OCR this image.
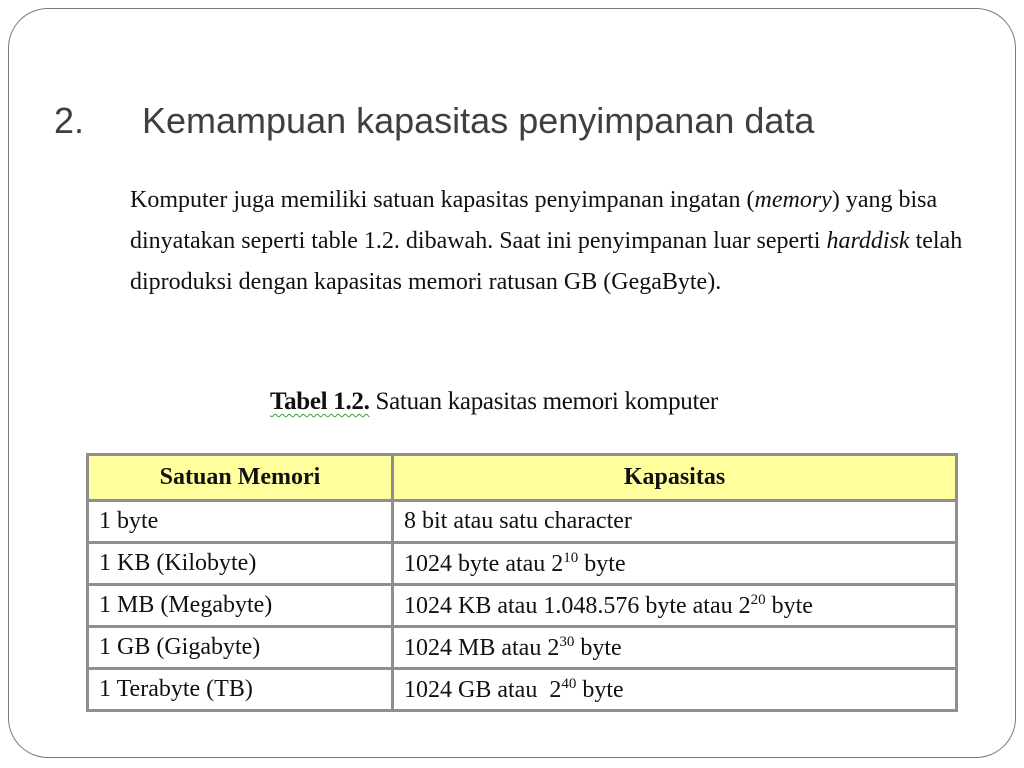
2. Kemampuan kapasitas penyimpanan data
Komputer juga memiliki satuan kapasitas penyimpanan ingatan (memory) yang bisa dinyatakan seperti table 1.2. dibawah. Saat ini penyimpanan luar seperti harddisk telah diproduksi dengan kapasitas memori ratusan GB (GegaByte).
Tabel 1.2. Satuan kapasitas memori komputer
Satuan Memori	Kapasitas
1 byte	8 bit atau satu character
1 KB (Kilobyte)	1024 byte atau $2^{10}$ byte
1 MB (Megabyte)	1024 KB atau 1.048.576 byte atau $2^{20}$ byte
1 GB (Gigabyte)	1024 MB atau $2^{30}$ byte
1 Terabyte (TB)	1024 GB atau  $2^{40}$ byte
